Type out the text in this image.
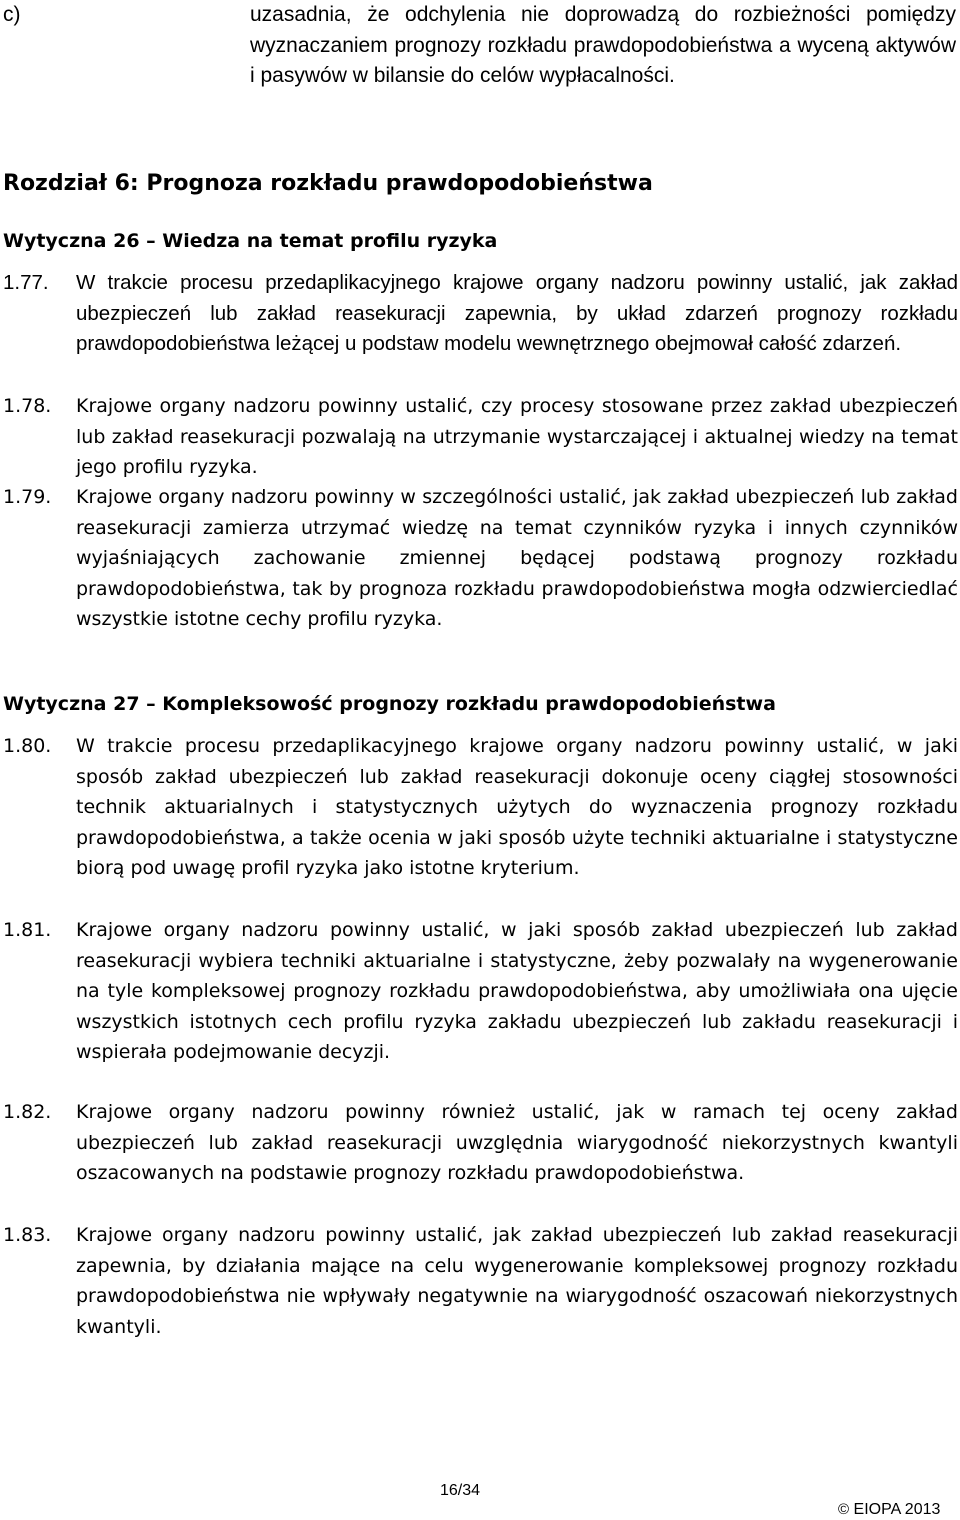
c)	uzasadnia, że odchylenia nie doprowadzą do rozbieżności pomiędzy wyznaczaniem prognozy rozkładu prawdopodobieństwa a wyceną aktywów i pasywów w bilansie do celów wypłacalności.
Rozdział 6: Prognoza rozkładu prawdopodobieństwa
Wytyczna 26 – Wiedza na temat profilu ryzyka
1.77. W trakcie procesu przedaplikacyjnego krajowe organy nadzoru powinny ustalić, jak zakład ubezpieczeń lub zakład reasekuracji zapewnia, by układ zdarzeń prognozy rozkładu prawdopodobieństwa leżącej u podstaw modelu wewnętrznego obejmował całość zdarzeń.
1.78. Krajowe organy nadzoru powinny ustalić, czy procesy stosowane przez zakład ubezpieczeń lub zakład reasekuracji pozwalają na utrzymanie wystarczającej i aktualnej wiedzy na temat jego profilu ryzyka.
1.79. Krajowe organy nadzoru powinny w szczególności ustalić, jak zakład ubezpieczeń lub zakład reasekuracji zamierza utrzymać wiedzę na temat czynników ryzyka i innych czynników wyjaśniających zachowanie zmiennej będącej podstawą prognozy rozkładu prawdopodobieństwa, tak by prognoza rozkładu prawdopodobieństwa mogła odzwierciedlać wszystkie istotne cechy profilu ryzyka.
Wytyczna 27 – Kompleksowość prognozy rozkładu prawdopodobieństwa
1.80. W trakcie procesu przedaplikacyjnego krajowe organy nadzoru powinny ustalić, w jaki sposób zakład ubezpieczeń lub zakład reasekuracji dokonuje oceny ciągłej stosowności technik aktuarialnych i statystycznych użytych do wyznaczenia prognozy rozkładu prawdopodobieństwa, a także ocenia w jaki sposób użyte techniki aktuarialne i statystyczne biorą pod uwagę profil ryzyka jako istotne kryterium.
1.81. Krajowe organy nadzoru powinny ustalić, w jaki sposób zakład ubezpieczeń lub zakład reasekuracji wybiera techniki aktuarialne i statystyczne, żeby pozwalały na wygenerowanie na tyle kompleksowej prognozy rozkładu prawdopodobieństwa, aby umożliwiała ona ujęcie wszystkich istotnych cech profilu ryzyka zakładu ubezpieczeń lub zakładu reasekuracji i wspierała podejmowanie decyzji.
1.82. Krajowe organy nadzoru powinny również ustalić, jak w ramach tej oceny zakład ubezpieczeń lub zakład reasekuracji uwzględnia wiarygodność niekorzystnych kwantyli oszacowanych na podstawie prognozy rozkładu prawdopodobieństwa.
1.83. Krajowe organy nadzoru powinny ustalić, jak zakład ubezpieczeń lub zakład reasekuracji zapewnia, by działania mające na celu wygenerowanie kompleksowej prognozy rozkładu prawdopodobieństwa nie wpływały negatywnie na wiarygodność oszacowań niekorzystnych kwantyli.
16/34
© EIOPA 2013
